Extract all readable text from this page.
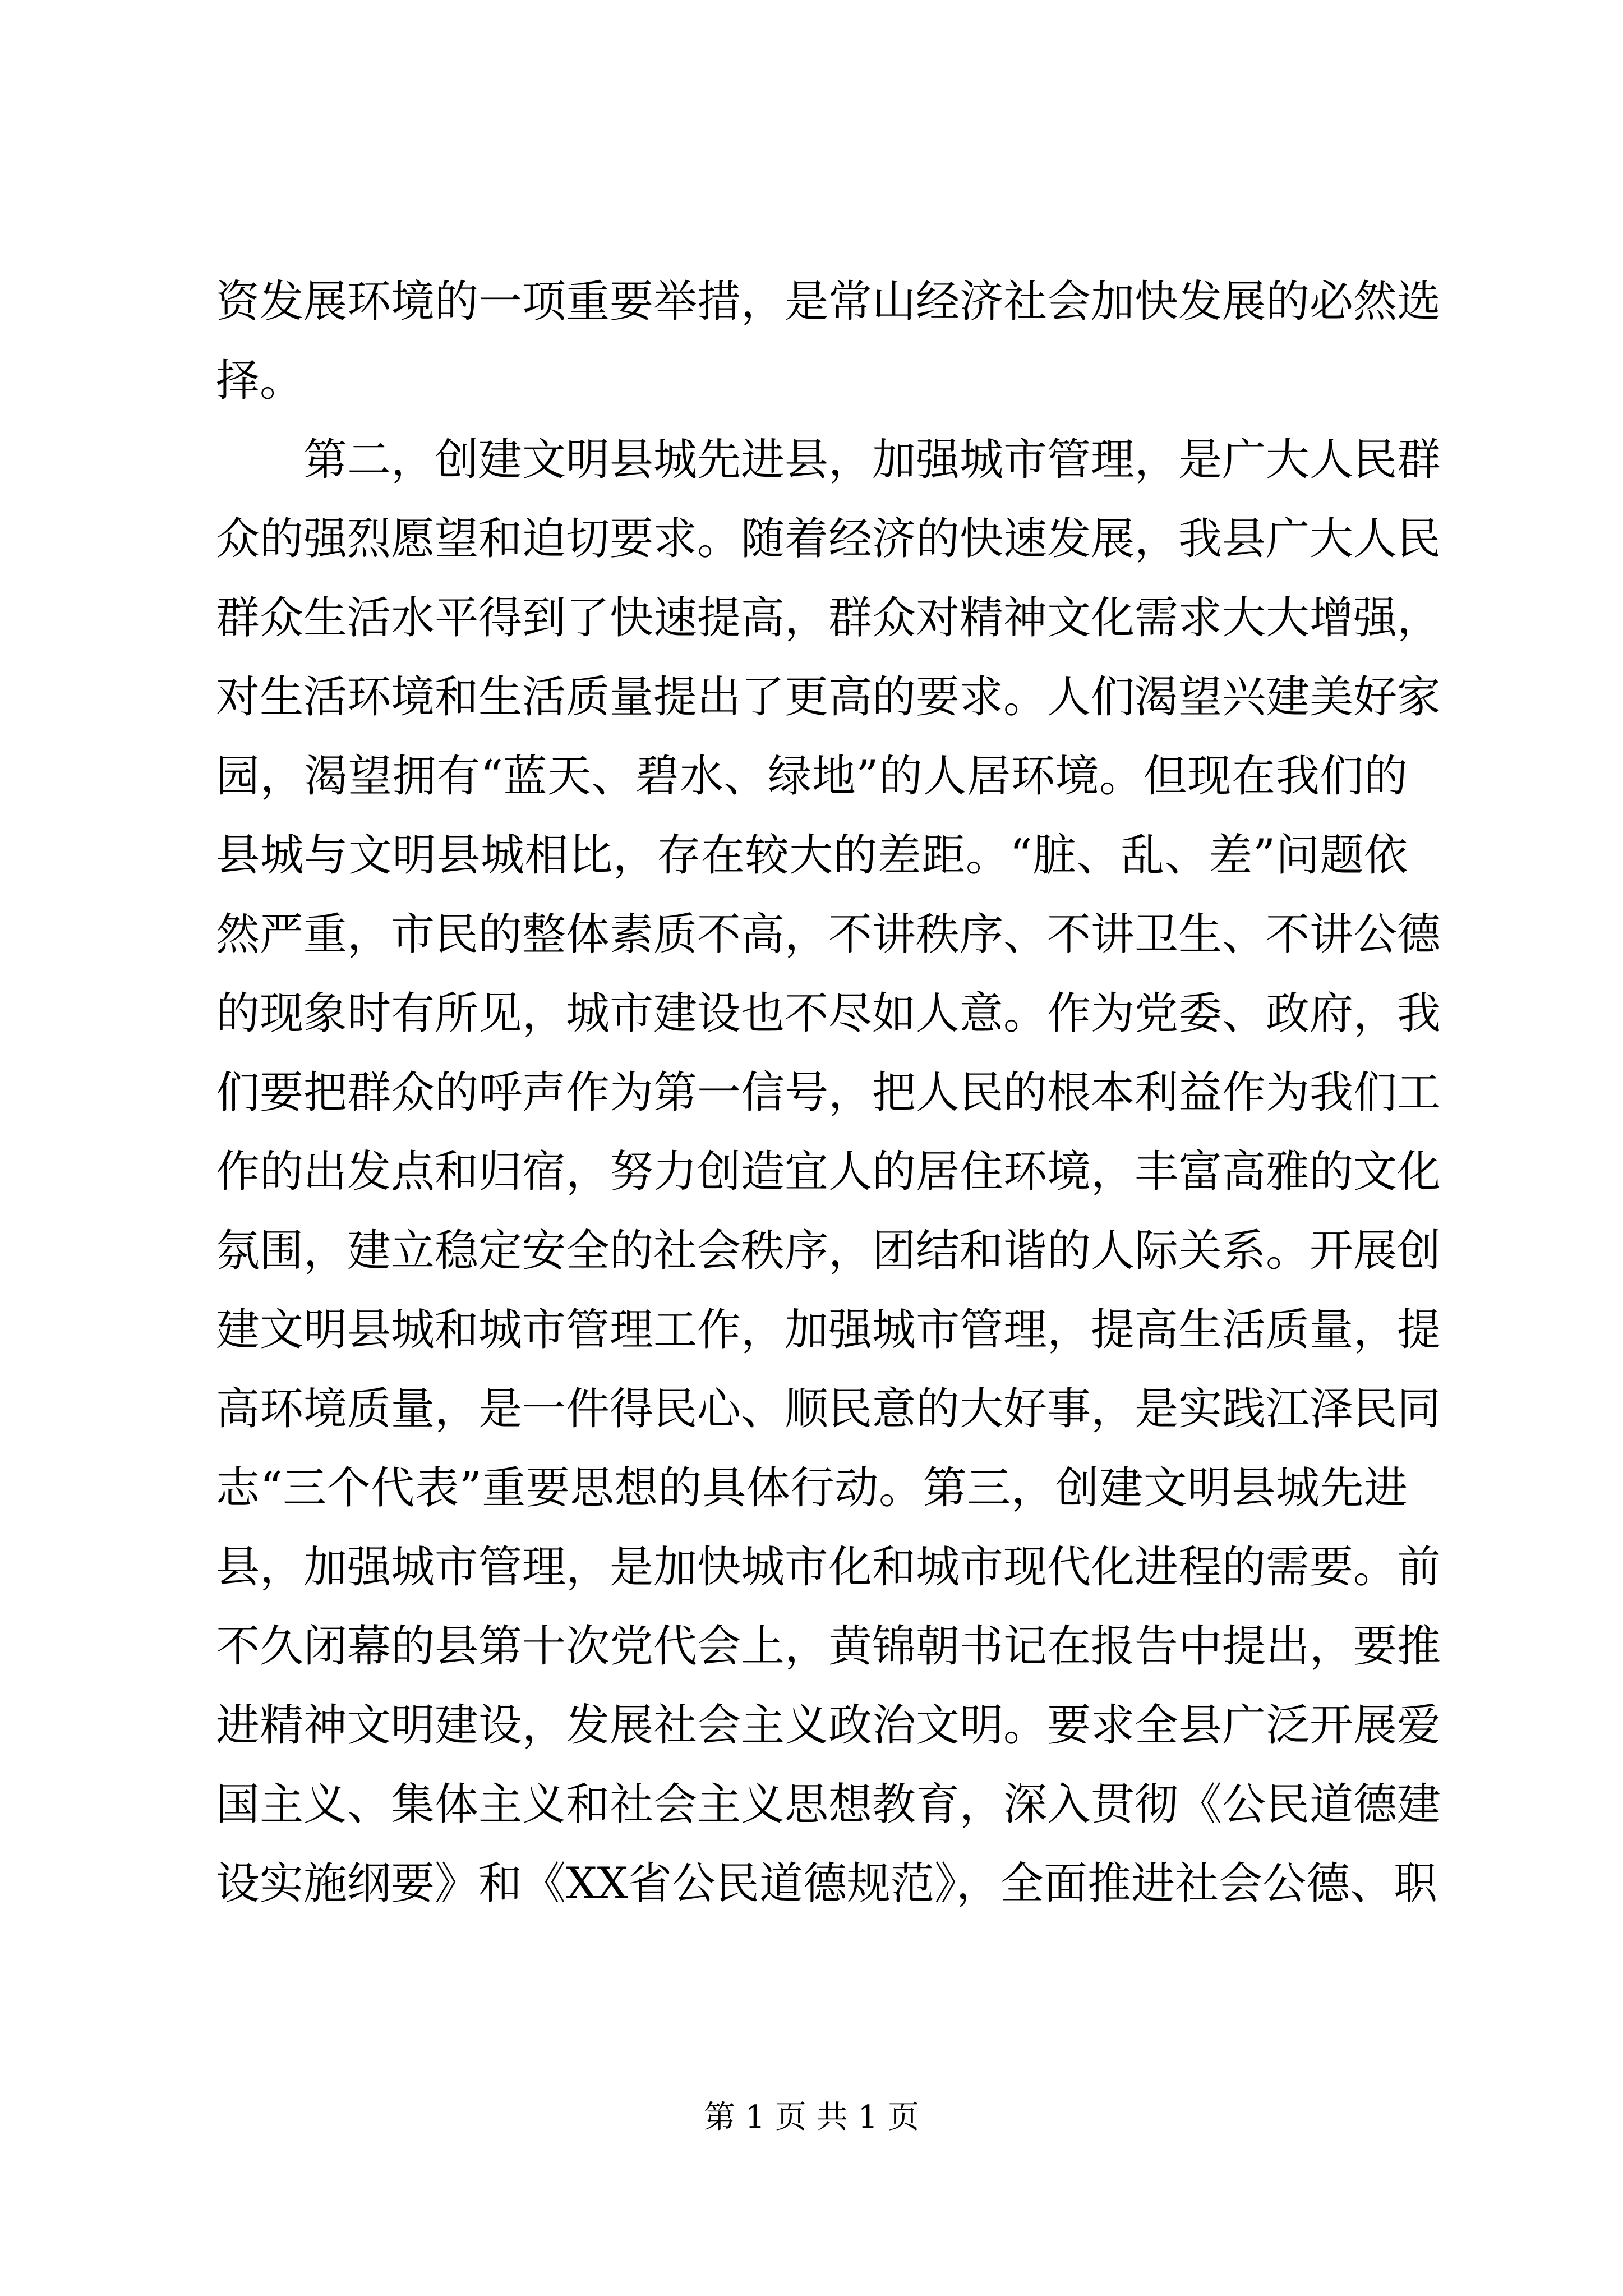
资发展环境的一项重要举措，是常山经济社会加快发展的必然选
择。
第二，创建文明县城先进县，加强城市管理，是广大人民群
众的强烈愿望和迫切要求。随着经济的快速发展，我县广大人民
群众生活水平得到了快速提高，群众对精神文化需求大大增强，
对生活环境和生活质量提出了更高的要求。人们渴望兴建美好家
园，渴望拥有“蓝天、碧水、绿地”的人居环境。但现在我们的
县城与文明县城相比，存在较大的差距。“脏、乱、差”问题依
然严重，市民的整体素质不高，不讲秩序、不讲卫生、不讲公德
的现象时有所见，城市建设也不尽如人意。作为党委、政府，我
们要把群众的呼声作为第一信号，把人民的根本利益作为我们工
作的出发点和归宿，努力创造宜人的居住环境，丰富高雅的文化
氛围，建立稳定安全的社会秩序，团结和谐的人际关系。开展创
建文明县城和城市管理工作，加强城市管理，提高生活质量，提
高环境质量，是一件得民心、顺民意的大好事，是实践江泽民同
志“三个代表”重要思想的具体行动。第三，创建文明县城先进
县，加强城市管理，是加快城市化和城市现代化进程的需要。前
不久闭幕的县第十次党代会上，黄锦朝书记在报告中提出，要推
进精神文明建设，发展社会主义政治文明。要求全县广泛开展爱
国主义、集体主义和社会主义思想教育，深入贯彻《公民道德建
设实施纲要》和《XX省公民道德规范》，全面推进社会公德、职
第 1 页 共 1 页
